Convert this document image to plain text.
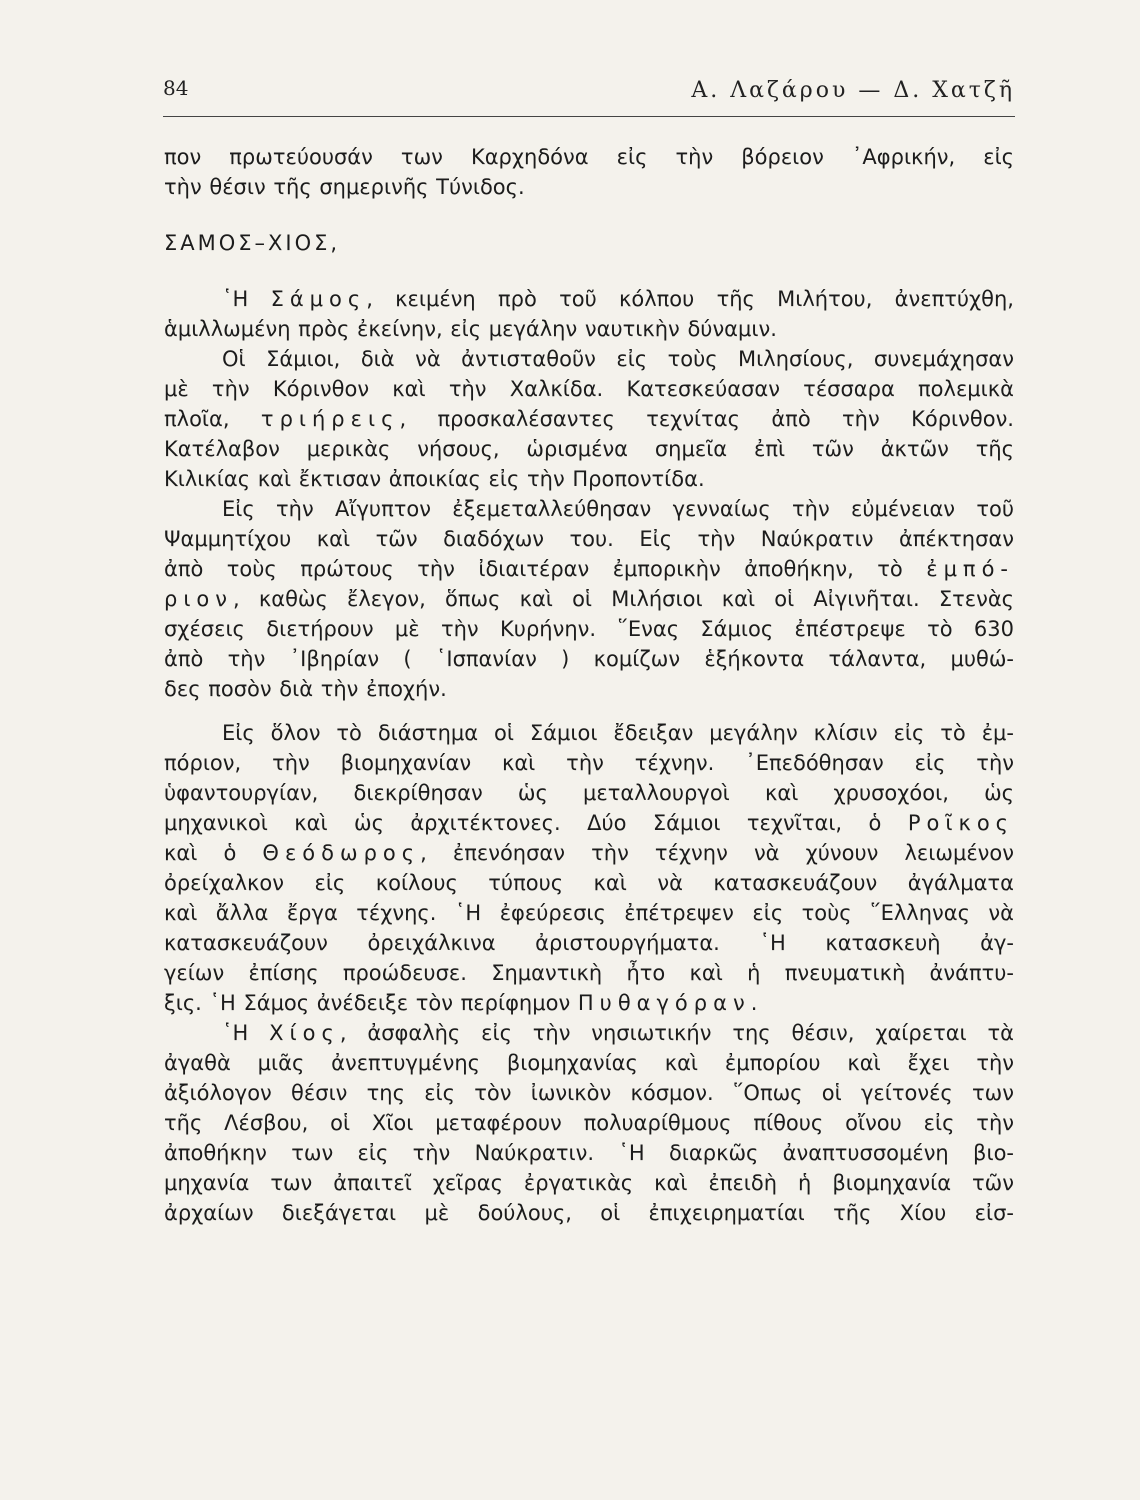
84	Α. Λαζάρου — Δ. Χατζῆ
πον πρωτεύουσάν των Καρχηδόνα εἰς τὴν βόρειον ᾿Αφρικήν, εἰς
τὴν θέσιν τῆς σημερινῆς Τύνιδος.
ΣΑΜΟΣ–ΧΙΟΣ,
῾Η Σάμος, κειμένη πρὸ τοῦ κόλπου τῆς Μιλήτου, ἀνεπτύχθη,
ἁμιλλωμένη πρὸς ἐκείνην, εἰς μεγάλην ναυτικὴν δύναμιν.
Οἱ Σάμιοι, διὰ νὰ ἀντισταθοῦν εἰς τοὺς Μιλησίους, συνεμάχησαν
μὲ τὴν Κόρινθον καὶ τὴν Χαλκίδα. Κατεσκεύασαν τέσσαρα πολεμικὰ
πλοῖα, τριήρεις, προσκαλέσαντες τεχνίτας ἀπὸ τὴν Κόρινθον.
Κατέλαβον μερικὰς νήσους, ὡρισμένα σημεῖα ἐπὶ τῶν ἀκτῶν τῆς
Κιλικίας καὶ ἔκτισαν ἀποικίας εἰς τὴν Προποντίδα.
Εἰς τὴν Αἴγυπτον ἐξεμεταλλεύθησαν γενναίως τὴν εὐμένειαν τοῦ
Ψαμμητίχου καὶ τῶν διαδόχων του. Εἰς τὴν Ναύκρατιν ἀπέκτησαν
ἀπὸ τοὺς πρώτους τὴν ἰδιαιτέραν ἐμπορικὴν ἀποθήκην, τὸ ἐμπό-
ριον, καθὼς ἔλεγον, ὅπως καὶ οἱ Μιλήσιοι καὶ οἱ Αἰγινῆται. Στενὰς
σχέσεις διετήρουν μὲ τὴν Κυρήνην. ῞Ενας Σάμιος ἐπέστρεψε τὸ 630
ἀπὸ τὴν ᾿Ιβηρίαν ( ῾Ισπανίαν ) κομίζων ἑξήκοντα τάλαντα, μυθώ-
δες ποσὸν διὰ τὴν ἐποχήν.
Εἰς ὅλον τὸ διάστημα οἱ Σάμιοι ἔδειξαν μεγάλην κλίσιν εἰς τὸ ἐμ-
πόριον, τὴν βιομηχανίαν καὶ τὴν τέχνην. ᾿Επεδόθησαν εἰς τὴν
ὑφαντουργίαν, διεκρίθησαν ὡς μεταλλουργοὶ καὶ χρυσοχόοι, ὡς
μηχανικοὶ καὶ ὡς ἀρχιτέκτονες. Δύο Σάμιοι τεχνῖται, ὁ Ροῖκος
καὶ ὁ Θεόδωρος, ἐπενόησαν τὴν τέχνην νὰ χύνουν λειωμένον
ὀρείχαλκον εἰς κοίλους τύπους καὶ νὰ κατασκευάζουν ἀγάλματα
καὶ ἄλλα ἔργα τέχνης. ῾Η ἐφεύρεσις ἐπέτρεψεν εἰς τοὺς ῞Ελληνας νὰ
κατασκευάζουν ὀρειχάλκινα ἀριστουργήματα. ῾Η κατασκευὴ ἀγ-
γείων ἐπίσης προώδευσε. Σημαντικὴ ἦτο καὶ ἡ πνευματικὴ ἀνάπτυ-
ξις. ῾Η Σάμος ἀνέδειξε τὸν περίφημον Πυθαγόραν.
῾Η Χίος, ἀσφαλὴς εἰς τὴν νησιωτικήν της θέσιν, χαίρεται τὰ
ἀγαθὰ μιᾶς ἀνεπτυγμένης βιομηχανίας καὶ ἐμπορίου καὶ ἔχει τὴν
ἀξιόλογον θέσιν της εἰς τὸν ἰωνικὸν κόσμον. ῞Οπως οἱ γείτονές των
τῆς Λέσβου, οἱ Χῖοι μεταφέρουν πολυαρίθμους πίθους οἴνου εἰς τὴν
ἀποθήκην των εἰς τὴν Ναύκρατιν. ῾Η διαρκῶς ἀναπτυσσομένη βιο-
μηχανία των ἀπαιτεῖ χεῖρας ἐργατικὰς καὶ ἐπειδὴ ἡ βιομηχανία τῶν
ἀρχαίων διεξάγεται μὲ δούλους, οἱ ἐπιχειρηματίαι τῆς Χίου εἰσ-
